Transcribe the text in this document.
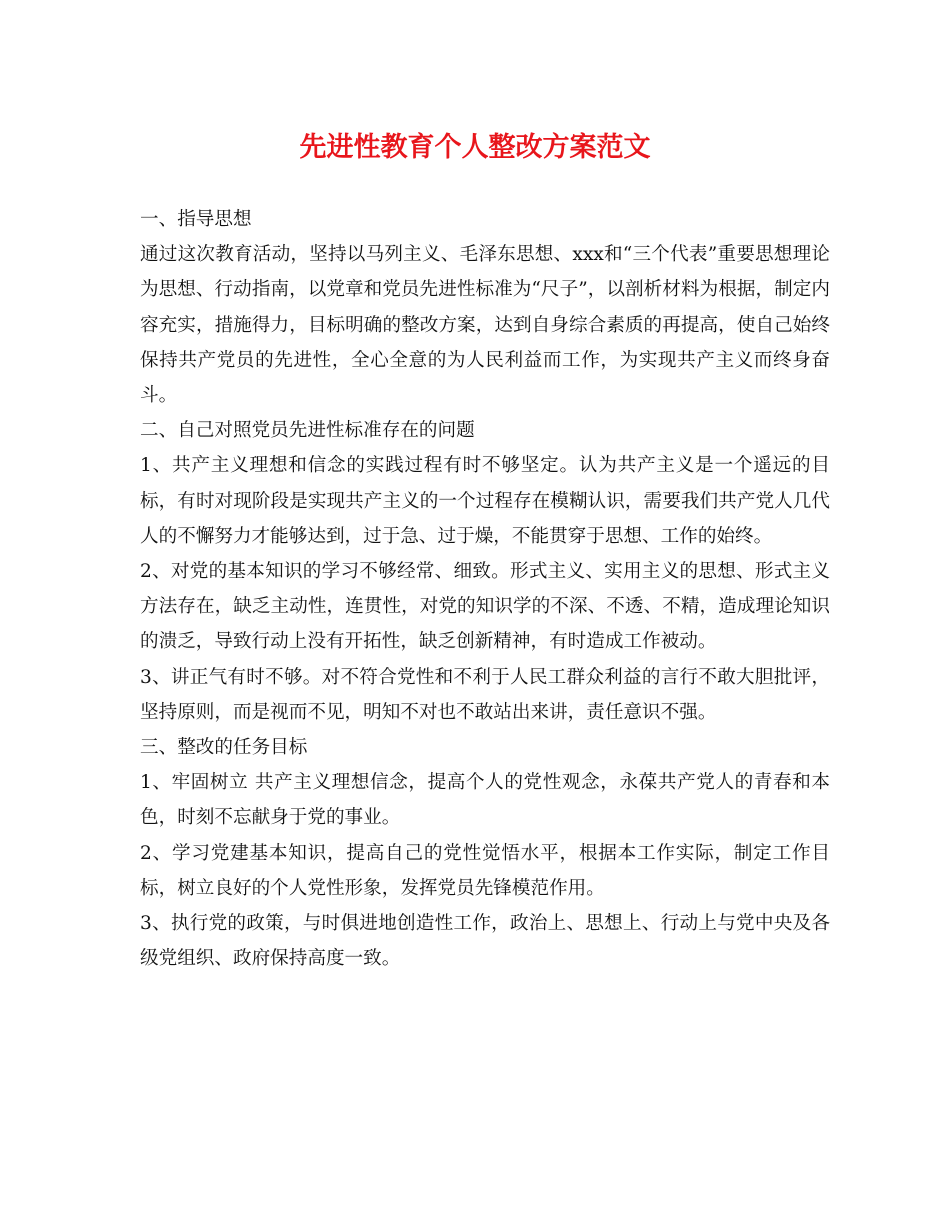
先进性教育个人整改方案范文

一、指导思想

通过这次教育活动，坚持以马列主义、毛泽东思想、xxx和“三个代表”重要思想理论为思想、行动指南，以党章和党员先进性标准为“尺子”，以剖析材料为根据，制定内容充实，措施得力，目标明确的整改方案，达到自身综合素质的再提高，使自己始终保持共产党员的先进性，全心全意的为人民利益而工作，为实现共产主义而终身奋斗。

二、自己对照党员先进性标准存在的问题

1、共产主义理想和信念的实践过程有时不够坚定。认为共产主义是一个遥远的目标，有时对现阶段是实现共产主义的一个过程存在模糊认识，需要我们共产党人几代人的不懈努力才能够达到，过于急、过于燥，不能贯穿于思想、工作的始终。

2、对党的基本知识的学习不够经常、细致。形式主义、实用主义的思想、形式主义方法存在，缺乏主动性，连贯性，对党的知识学的不深、不透、不精，造成理论知识的溃乏，导致行动上没有开拓性，缺乏创新精神，有时造成工作被动。

3、讲正气有时不够。对不符合党性和不利于人民工群众利益的言行不敢大胆批评，坚持原则，而是视而不见，明知不对也不敢站出来讲，责任意识不强。

三、整改的任务目标

1、牢固树立 共产主义理想信念，提高个人的党性观念，永葆共产党人的青春和本色，时刻不忘献身于党的事业。

2、学习党建基本知识，提高自己的党性觉悟水平，根据本工作实际，制定工作目标，树立良好的个人党性形象，发挥党员先锋模范作用。

3、执行党的政策，与时俱进地创造性工作，政治上、思想上、行动上与党中央及各级党组织、政府保持高度一致。
